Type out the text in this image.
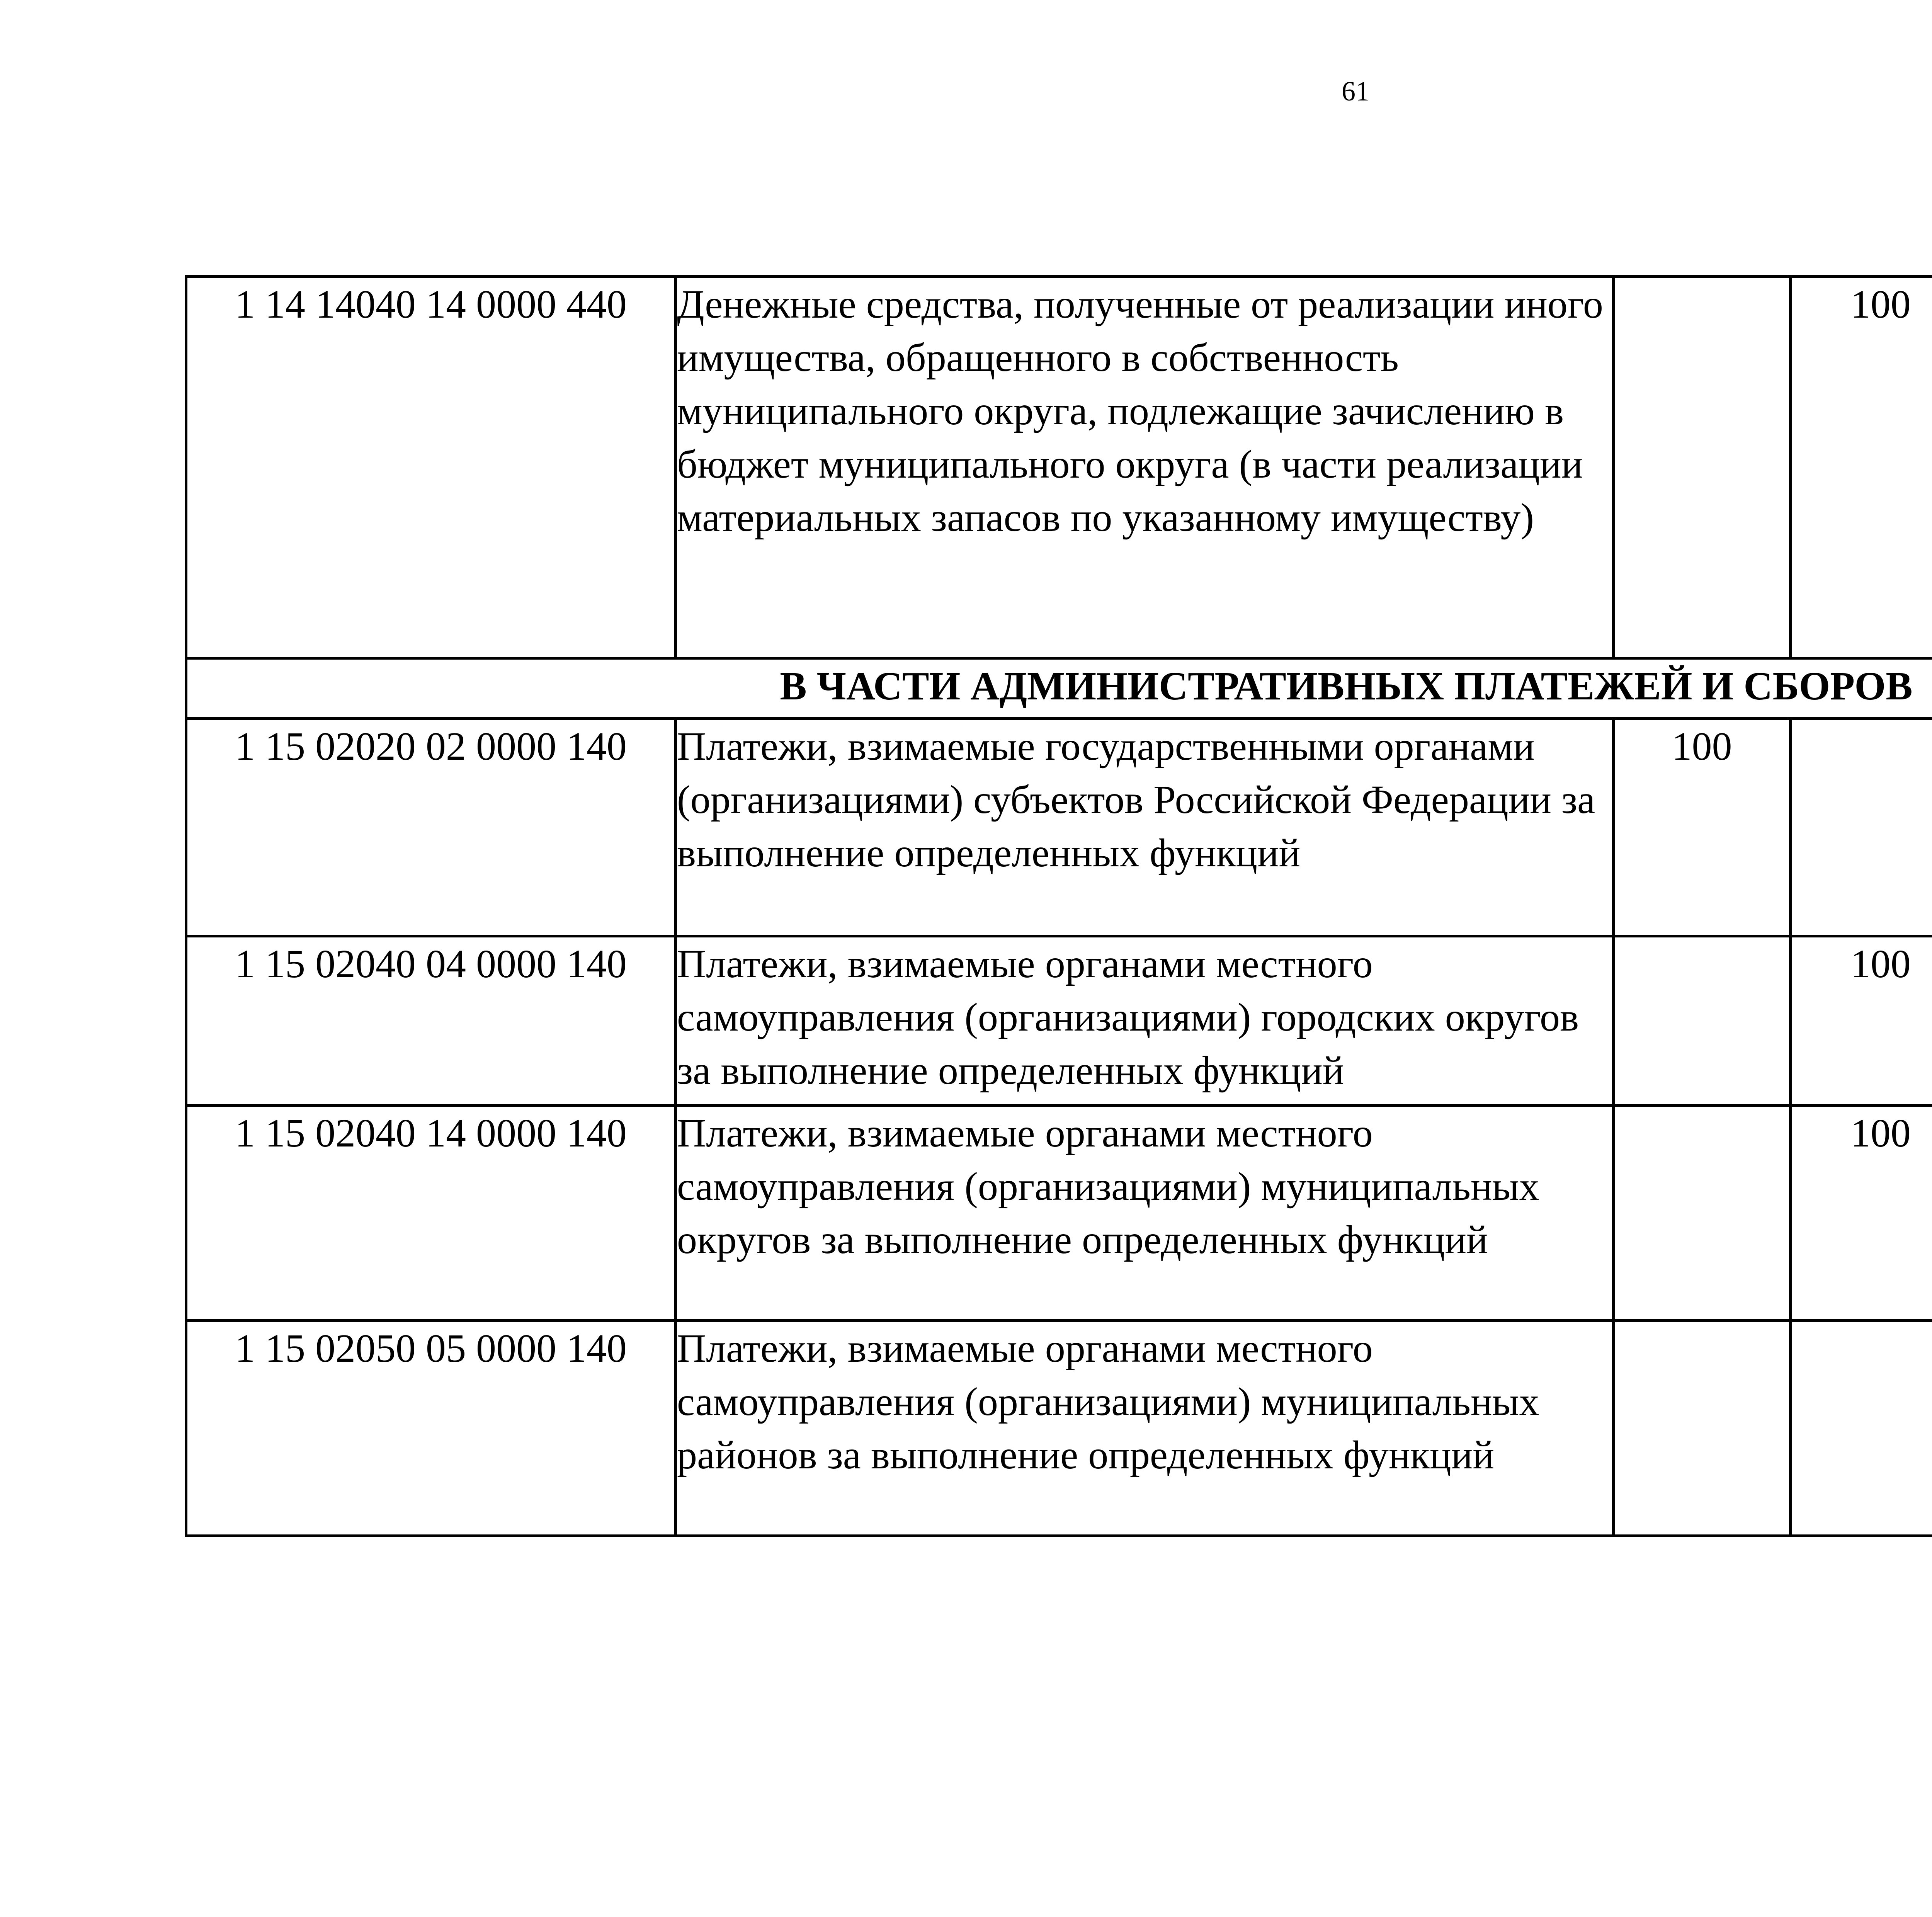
61
1 14 14040 14 0000 440	Денежные средства, полученные от реализации иного имущества, обращенного в собственность муниципального округа, подлежащие зачислению в бюджет муниципального округа (в части реализации материальных запасов по указанному имуществу)		100			
В ЧАСТИ АДМИНИСТРАТИВНЫХ ПЛАТЕЖЕЙ И СБОРОВ						
1 15 02020 02 0000 140	Платежи, взимаемые государственными органами (организациями) субъектов Российской Федерации за выполнение определенных функций	100				
1 15 02040 04 0000 140	Платежи, взимаемые органами местного самоуправления (организациями) городских округов за выполнение определенных функций		100			
1 15 02040 14 0000 140	Платежи, взимаемые органами местного самоуправления (организациями) муниципальных округов за выполнение определенных функций		100			
1 15 02050 05 0000 140	Платежи, взимаемые органами местного самоуправления (организациями) муниципальных районов за выполнение определенных функций					
